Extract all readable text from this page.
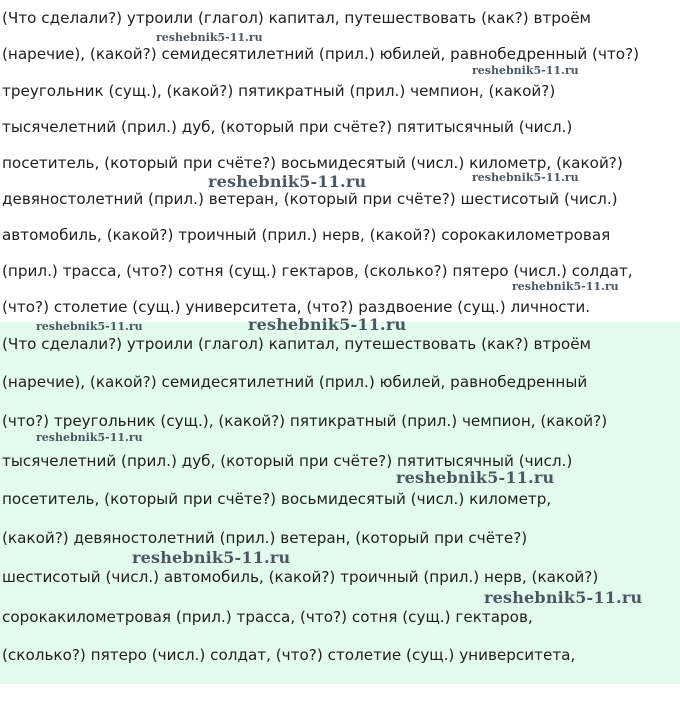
(Что сделали?) утроили (глагол) капитал, путешествовать (как?) втроём
(наречие), (какой?) семидесятилетний (прил.) юбилей, равнобедренный (что?)
треугольник (сущ.), (какой?) пятикратный (прил.) чемпион, (какой?)
тысячелетний (прил.) дуб, (который при счёте?) пятитысячный (числ.)
посетитель, (который при счёте?) восьмидесятый (числ.) километр, (какой?)
девяностолетний (прил.) ветеран, (который при счёте?) шестисотый (числ.)
автомобиль, (какой?) троичный (прил.) нерв, (какой?) сорокакилометровая
(прил.) трасса, (что?) сотня (сущ.) гектаров, (сколько?) пятеро (числ.) солдат,
(что?) столетие (сущ.) университета, (что?) раздвоение (сущ.) личности.
(Что сделали?) утроили (глагол) капитал, путешествовать (как?) втроём
(наречие), (какой?) семидесятилетний (прил.) юбилей, равнобедренный
(что?) треугольник (сущ.), (какой?) пятикратный (прил.) чемпион, (какой?)
тысячелетний (прил.) дуб, (который при счёте?) пятитысячный (числ.)
посетитель, (который при счёте?) восьмидесятый (числ.) километр,
(какой?) девяностолетний (прил.) ветеран, (который при счёте?)
шестисотый (числ.) автомобиль, (какой?) троичный (прил.) нерв, (какой?)
сорокакилометровая (прил.) трасса, (что?) сотня (сущ.) гектаров,
(сколько?) пятеро (числ.) солдат, (что?) столетие (сущ.) университета,
reshebnik5-11.ru
reshebnik5-11.ru
reshebnik5-11.ru	reshebnik5-11.ru
reshebnik5-11.ru
reshebnik5-11.ru	reshebnik5-11.ru
reshebnik5-11.ru
reshebnik5-11.ru
reshebnik5-11.ru
reshebnik5-11.ru
